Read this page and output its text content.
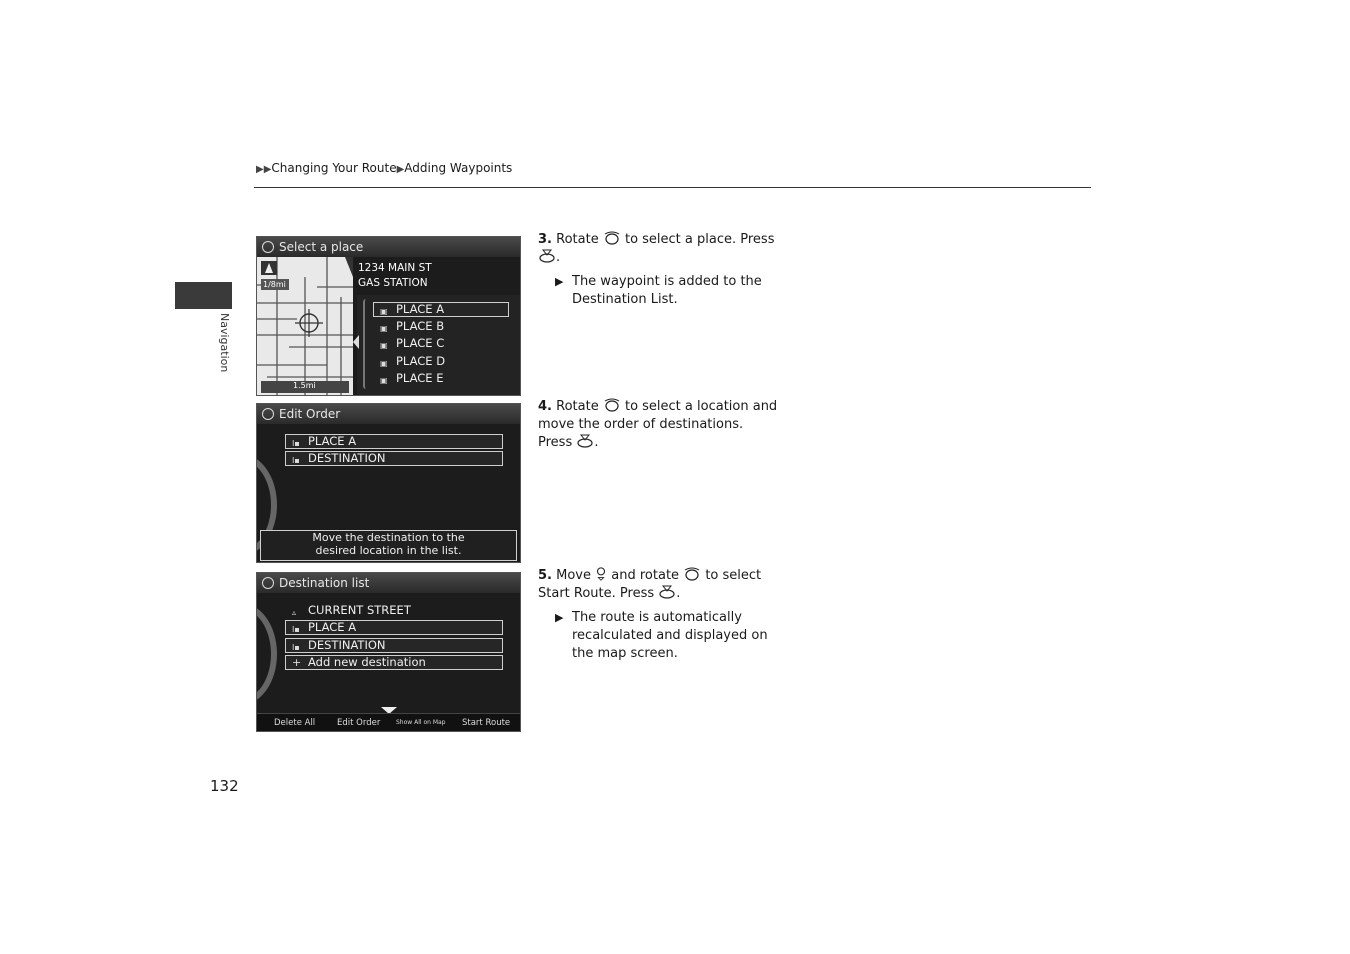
▶▶Changing Your Route▶Adding Waypoints
Navigation
Select a place
1/8mi
1.5mi
1234 MAIN ST
GAS STATION
▣ PLACE A
▣ PLACE B
▣ PLACE C
▣ PLACE D
▣ PLACE E
Edit Order
I▪ PLACE A
I▪ DESTINATION
Move the destination to the
desired location in the list.
Destination list
▵ CURRENT STREET
I▪ PLACE A
I▪ DESTINATION
+ Add new destination
Delete All	Edit Order	Show All on Map Start Route
3. Rotate to select a place. Press
.
▶ The waypoint is added to the Destination List.
4. Rotate to select a location and move the order of destinations. Press .
5. Move and rotate to select
Start Route. Press .
▶ The route is automatically recalculated and displayed on the map screen.
132
